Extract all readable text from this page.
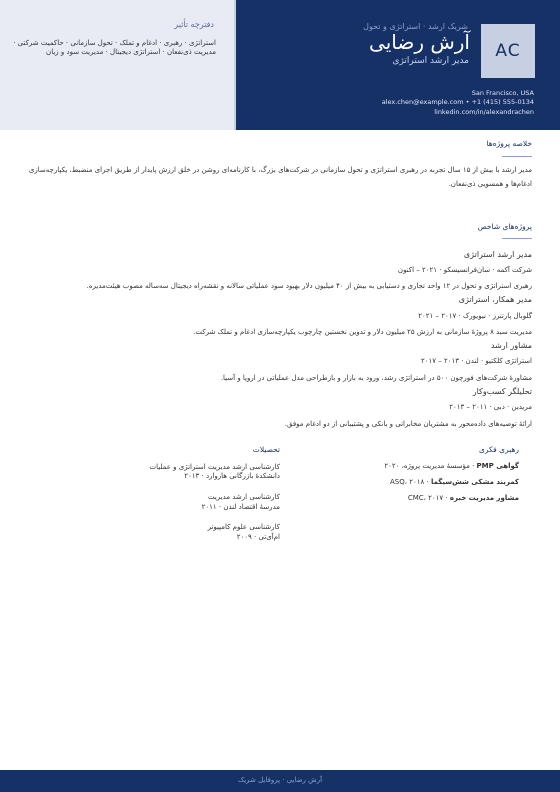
دفترچه تأثیر
استراتژی · رهبری · ادغام و تملک · تحول سازمانی · حاکمیت شرکتی ·
مدیریت ذی‌نفعان · استراتژی دیجیتال · مدیریت سود و زیان
شریک ارشد · استراتژی و تحول
آرش رضایی
مدیر ارشد استراتژی	AC
San Francisco, USA
alex.chen@example.com • +1 (415) 555-0134
linkedin.com/in/alexandrachen
خلاصه پروژه‌ها
مدیر ارشد با بیش از ۱۵ سال تجربه در رهبری استراتژی و تحول سازمانی در شرکت‌های بزرگ، با کارنامه‌ای روشن در خلق ارزش پایدار از طریق اجرای منضبط، یکپارچه‌سازی
ادغام‌ها و همسویی ذی‌نفعان.
پروژه‌های شاخص
مدیر ارشد استراتژی
شرکت آکمه · سان‌فرانسیسکو · ۲۰۲۱ – اکنون
رهبری استراتژی و تحول در ۱۲ واحد تجاری و دستیابی به بیش از ۴۰ میلیون دلار بهبود سود عملیاتی سالانه و نقشه‌راه دیجیتال سه‌ساله مصوب هیئت‌مدیره.
مدیر همکار، استراتژی
گلوبال پارتنرز · نیویورک · ۲۰۱۷ – ۲۰۲۱
مدیریت سبد ۸ پروژهٔ سازمانی به ارزش ۲۵ میلیون دلار و تدوین نخستین چارچوب یکپارچه‌سازی ادغام و تملک شرکت.
مشاور ارشد
استراتژی کلکتیو · لندن · ۲۰۱۳ – ۲۰۱۷
مشاورهٔ شرکت‌های فورچون ۵۰۰ در استراتژی رشد، ورود به بازار و بازطراحی مدل عملیاتی در اروپا و آسیا.
تحلیلگر کسب‌وکار
مریدین · دبی · ۲۰۱۱ – ۲۰۱۳
ارائهٔ توصیه‌های داده‌محور به مشتریان مخابراتی و بانکی و پشتیبانی از دو ادغام موفق.
رهبری فکری
گواهی PMP · مؤسسهٔ مدیریت پروژه، ۲۰۲۰
کمربند مشکی شش‌سیگما · ASQ، ۲۰۱۸
مشاور مدیریت خبره · CMC، ۲۰۱۷
تحصیلات
کارشناسی ارشد مدیریت استراتژی و عملیات
دانشکدهٔ بازرگانی هاروارد · ۲۰۱۳
کارشناسی ارشد مدیریت
مدرسهٔ اقتصاد لندن · ۲۰۱۱
کارشناسی علوم کامپیوتر
ام‌آی‌تی · ۲۰۰۹
آرش رضایی · پروفایل شریک
